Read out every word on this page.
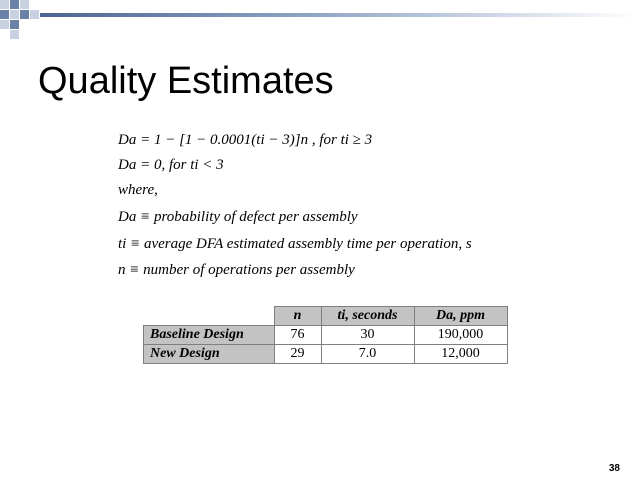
Quality Estimates
Da = 1 − [1 − 0.0001(ti − 3)]n , for ti ≥ 3
Da = 0, for ti < 3
where,
Da ≡ probability of defect per assembly
ti ≡ average DFA estimated assembly time per operation, s
n ≡ number of operations per assembly
	n	ti, seconds	Da, ppm
Baseline Design	76	30	190,000
New Design	29	7.0	12,000
38
